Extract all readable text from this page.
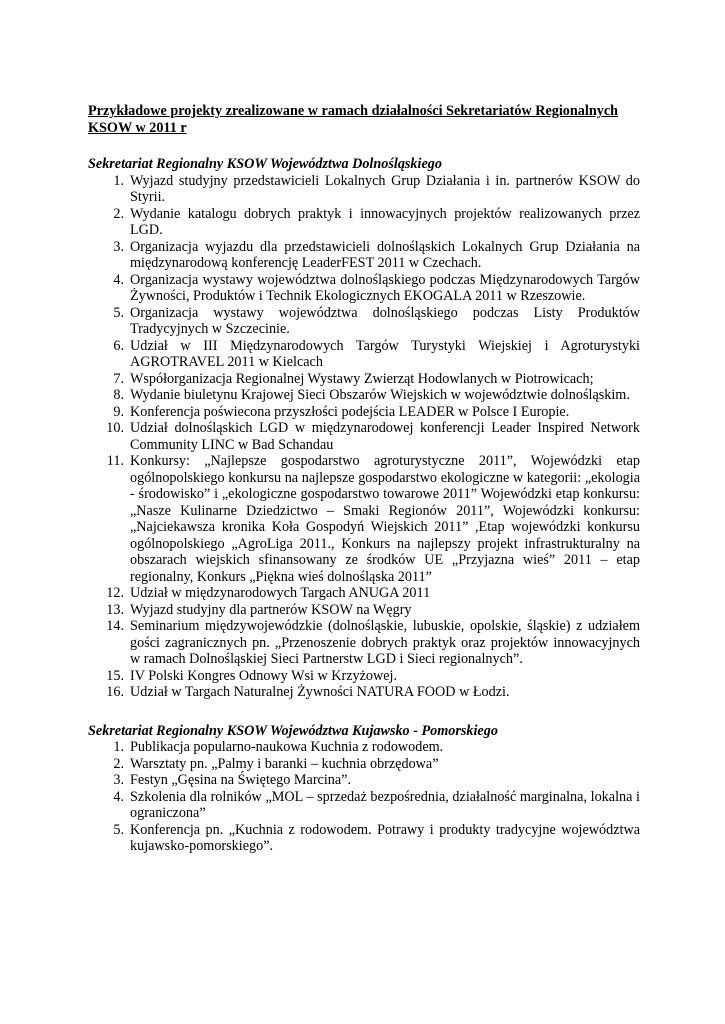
Przykładowe projekty zrealizowane w ramach działalności Sekretariatów Regionalnych KSOW w 2011 r
Sekretariat Regionalny KSOW Województwa Dolnośląskiego
1. Wyjazd studyjny przedstawicieli Lokalnych Grup Działania i in. partnerów KSOW do Styrii.
2. Wydanie katalogu dobrych praktyk i innowacyjnych projektów realizowanych przez LGD.
3. Organizacja wyjazdu dla przedstawicieli dolnośląskich Lokalnych Grup Działania na międzynarodową konferencję LeaderFEST 2011 w Czechach.
4. Organizacja wystawy województwa dolnośląskiego podczas Międzynarodowych Targów Żywności, Produktów i Technik Ekologicznych EKOGALA 2011 w Rzeszowie.
5. Organizacja wystawy województwa dolnośląskiego podczas Listy Produktów Tradycyjnych w Szczecinie.
6. Udział w III Międzynarodowych Targów Turystyki Wiejskiej i Agroturystyki AGROTRAVEL 2011 w Kielcach
7. Współorganizacja Regionalnej Wystawy Zwierząt Hodowlanych w Piotrowicach;
8. Wydanie biuletynu Krajowej Sieci Obszarów Wiejskich w województwie dolnośląskim.
9. Konferencja poświecona przyszłości podejścia LEADER w Polsce I Europie.
10. Udział dolnośląskich LGD w międzynarodowej konferencji Leader Inspired Network Community LINC w Bad Schandau
11. Konkursy: „Najlepsze gospodarstwo agroturystyczne 2011”, Wojewódzki etap ogólnopolskiego konkursu na najlepsze gospodarstwo ekologiczne w kategorii: „ekologia - środowisko” i „ekologiczne gospodarstwo towarowe 2011” Wojewódzki etap konkursu: „Nasze Kulinarne Dziedzictwo – Smaki Regionów 2011”, Wojewódzki konkursu: „Najciekawsza kronika Koła Gospodyń Wiejskich 2011” ,Etap wojewódzki konkursu ogólnopolskiego „AgroLiga 2011., Konkurs na najlepszy projekt infrastrukturalny na obszarach wiejskich sfinansowany ze środków UE „Przyjazna wieś” 2011 – etap regionalny, Konkurs „Piękna wieś dolnośląska 2011”
12. Udział w międzynarodowych Targach ANUGA 2011
13. Wyjazd studyjny dla partnerów KSOW na Węgry
14. Seminarium międzywojewódzkie (dolnośląskie, lubuskie, opolskie, śląskie) z udziałem gości zagranicznych pn. „Przenoszenie dobrych praktyk oraz projektów innowacyjnych w ramach Dolnośląskiej Sieci Partnerstw LGD i Sieci regionalnych”.
15. IV Polski Kongres Odnowy Wsi w Krzyżowej.
16. Udział w Targach Naturalnej Żywności NATURA FOOD w Łodzi.
Sekretariat Regionalny KSOW Województwa Kujawsko - Pomorskiego
1. Publikacja popularno-naukowa Kuchnia z rodowodem.
2. Warsztaty pn. „Palmy i baranki – kuchnia obrzędowa”
3. Festyn „Gęsina na Świętego Marcina”.
4. Szkolenia dla rolników „MOL – sprzedaż bezpośrednia, działalność marginalna, lokalna i ograniczona”
5. Konferencja pn. „Kuchnia z rodowodem. Potrawy i produkty tradycyjne województwa kujawsko-pomorskiego”.
